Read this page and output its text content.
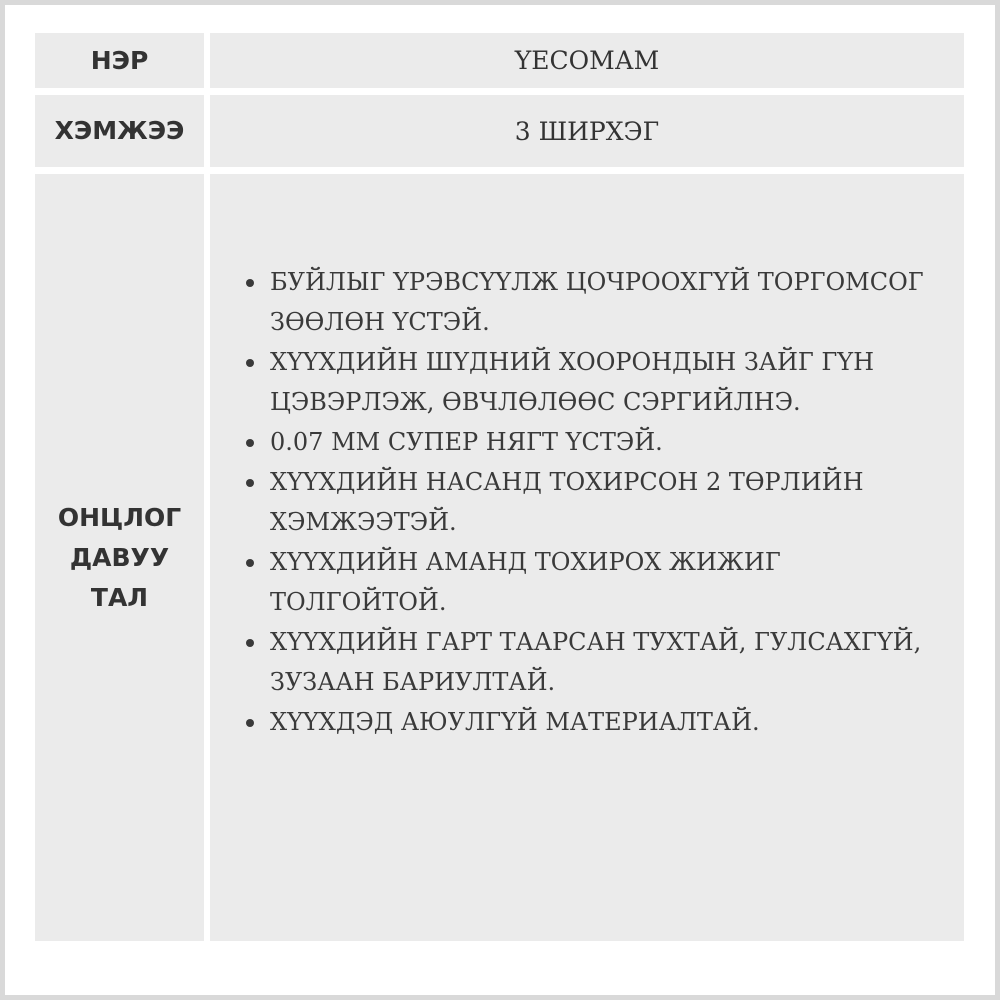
НЭР	ҮЕСОМАМ
ХЭМЖЭЭ	3 ШИРХЭГ
ОНЦЛОГ
ДАВУУ
ТАЛ
БУЙЛЫГ ҮРЭВСҮҮЛЖ ЦОЧРООХГҮЙ ТОРГОМСОГ ЗӨӨЛӨН ҮСТЭЙ.
ХҮҮХДИЙН ШҮДНИЙ ХООРОНДЫН ЗАЙГ ГҮН ЦЭВЭРЛЭЖ, ӨВЧЛӨЛӨӨС СЭРГИЙЛНЭ.
0.07 ММ СУПЕР НЯГТ ҮСТЭЙ.
ХҮҮХДИЙН НАСАНД ТОХИРСОН 2 ТӨРЛИЙН ХЭМЖЭЭТЭЙ.
ХҮҮХДИЙН АМАНД ТОХИРОХ ЖИЖИГ ТОЛГОЙТОЙ.
ХҮҮХДИЙН ГАРТ ТААРСАН ТУХТАЙ, ГУЛСАХГҮЙ, ЗУЗААН БАРИУЛТАЙ.
ХҮҮХДЭД АЮУЛГҮЙ МАТЕРИАЛТАЙ.
